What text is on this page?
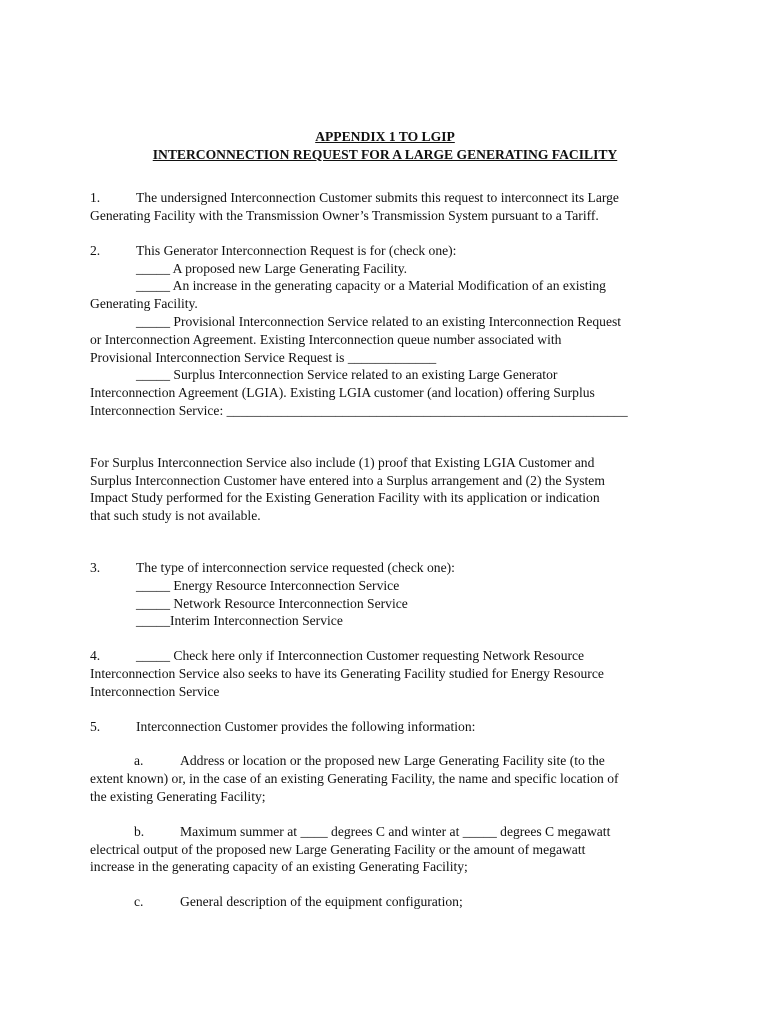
APPENDIX 1 TO LGIP
INTERCONNECTION REQUEST FOR A LARGE GENERATING FACILITY

1.	The undersigned Interconnection Customer submits this request to interconnect its Large

Generating Facility with the Transmission Owner’s Transmission System pursuant to a Tariff.

2.	This Generator Interconnection Request is for (check one):

_____ A proposed new Large Generating Facility.

_____ An increase in the generating capacity or a Material Modification of an existing

Generating Facility.

_____ Provisional Interconnection Service related to an existing Interconnection Request

or Interconnection Agreement. Existing Interconnection queue number associated with

Provisional Interconnection Service Request is _____________

_____ Surplus Interconnection Service related to an existing Large Generator

Interconnection Agreement (LGIA). Existing LGIA customer (and location) offering Surplus

Interconnection Service: ___________________________________________________________

For Surplus Interconnection Service also include (1) proof that Existing LGIA Customer and

Surplus Interconnection Customer have entered into a Surplus arrangement and (2) the System

Impact Study performed for the Existing Generation Facility with its application or indication

that such study is not available.

3.	The type of interconnection service requested (check one):

_____ Energy Resource Interconnection Service

_____ Network Resource Interconnection Service

_____Interim Interconnection Service

4.	_____ Check here only if Interconnection Customer requesting Network Resource

Interconnection Service also seeks to have its Generating Facility studied for Energy Resource

Interconnection Service

5.	Interconnection Customer provides the following information:

a.	Address or location or the proposed new Large Generating Facility site (to the

extent known) or, in the case of an existing Generating Facility, the name and specific location of

the existing Generating Facility;

b.	Maximum summer at ____ degrees C and winter at _____ degrees C megawatt

electrical output of the proposed new Large Generating Facility or the amount of megawatt

increase in the generating capacity of an existing Generating Facility;

c.	General description of the equipment configuration;
